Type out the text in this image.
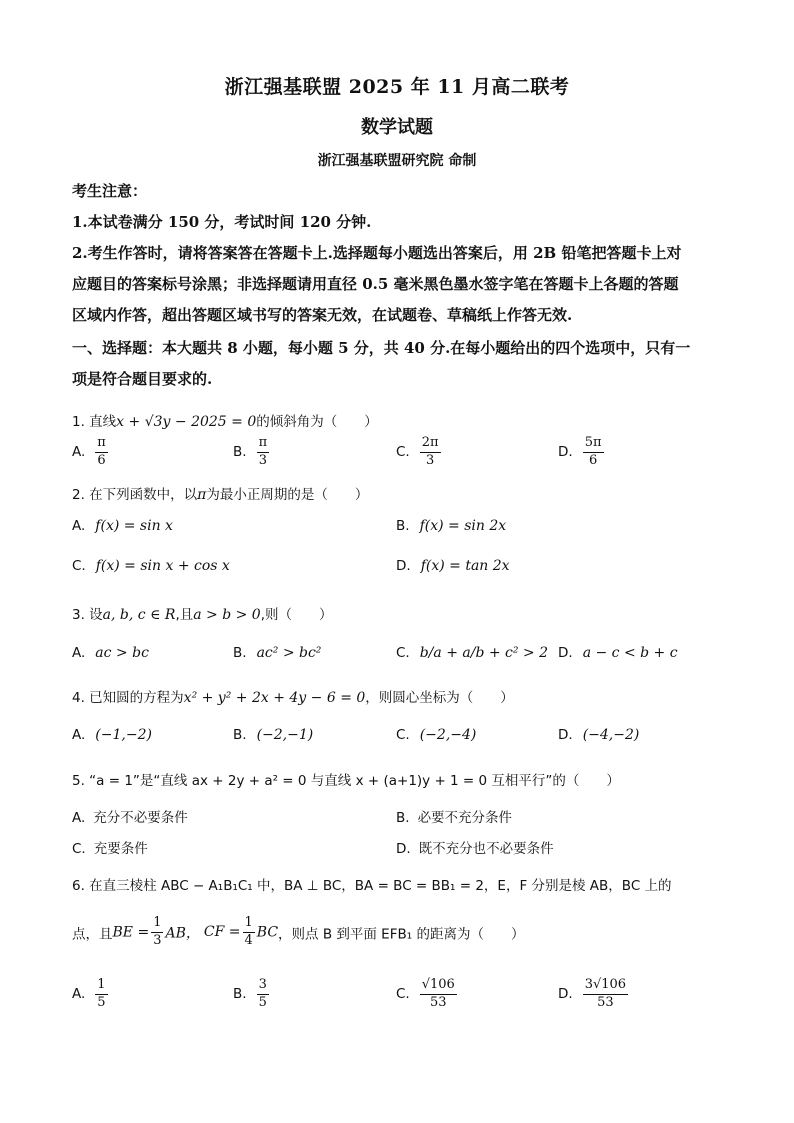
浙江强基联盟 2025 年 11 月高二联考
数学试题
浙江强基联盟研究院 命制
考生注意：
1.本试卷满分 150 分，考试时间 120 分钟.
2.考生作答时，请将答案答在答题卡上.选择题每小题选出答案后，用 2B 铅笔把答题卡上对
应题目的答案标号涂黑；非选择题请用直径 0.5 毫米黑色墨水签字笔在答题卡上各题的答题
区域内作答，超出答题区域书写的答案无效，在试题卷、草稿纸上作答无效.
一、选择题：本大题共 8 小题，每小题 5 分，共 40 分.在每小题给出的四个选项中，只有一
项是符合题目要求的.
1. 直线x + √3y − 2025 = 0的倾斜角为（　　）
A. $\frac{\pi}{6}$	B. $\frac{\pi}{3}$	C. $\frac{2\pi}{3}$	D. $\frac{5\pi}{6}$
2. 在下列函数中，以π为最小正周期的是（　　）
A. f(x) = sin x	B. f(x) = sin 2x
C. f(x) = sin x + cos x	D. f(x) = tan 2x
3. 设a, b, c ∈ R,且a > b > 0,则（　　）
A. ac > bc	B. ac² > bc²	C. b/a + a/b + c² > 2 D. a − c < b + c
4. 已知圆的方程为x² + y² + 2x + 4y − 6 = 0，则圆心坐标为（　　）
A. (−1,−2)	B. (−2,−1)	C. (−2,−4)	D. (−4,−2)
5. “a = 1”是“直线 ax + 2y + a² = 0 与直线 x + (a+1)y + 1 = 0 互相平行”的（　　）
A. 充分不必要条件	B. 必要不充分条件
C. 充要条件	D. 既不充分也不必要条件
6. 在直三棱柱 ABC − A₁B₁C₁ 中，BA ⊥ BC，BA = BC = BB₁ = 2，E，F 分别是棱 AB，BC 上的
点，且BE = $\frac{1}{3}$ AB， CF = $\frac{1}{4}$ BC，则点 B 到平面 EFB₁ 的距离为（　　）
A. $\frac{1}{5}$	B. $\frac{3}{5}$	C. $\frac{√106}{53}$	D. $\frac{3√106}{53}$
